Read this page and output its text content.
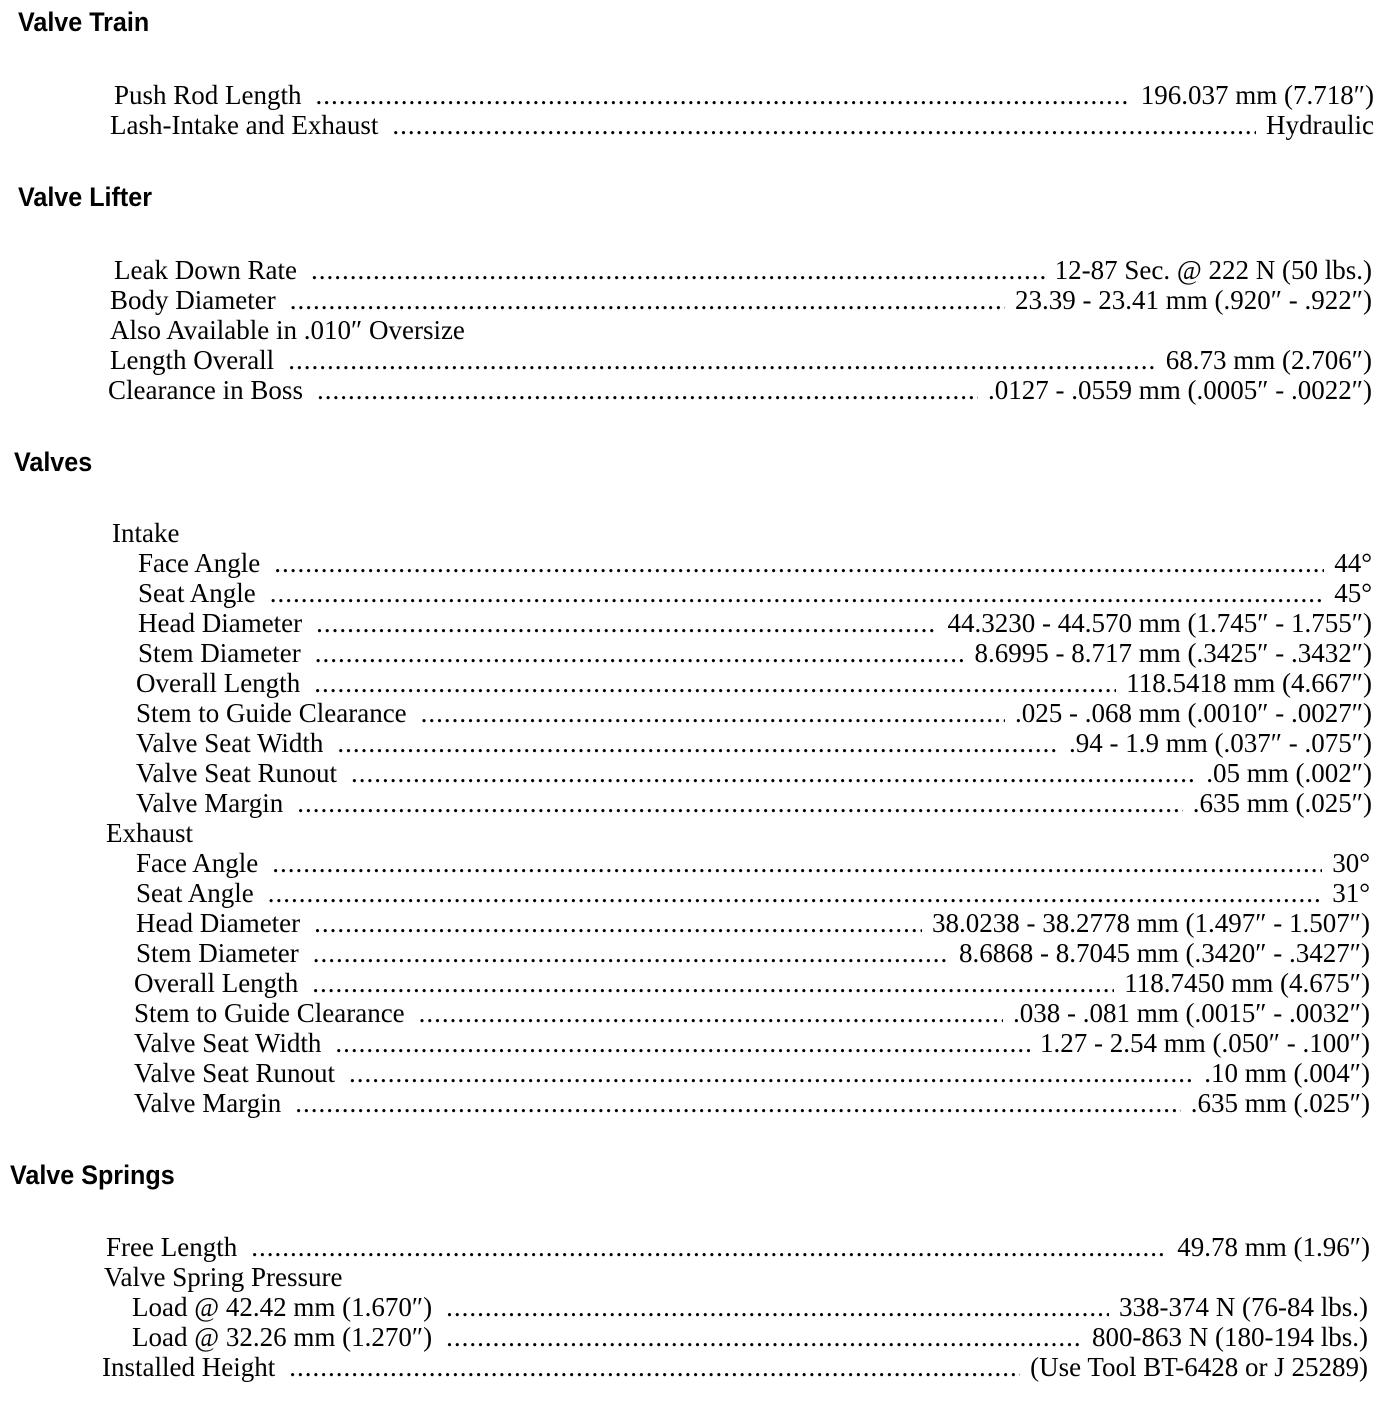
Valve Train
Push Rod Length .....	196.037 mm (7.718″)
Lash-Intake and Exhaust .....	Hydraulic
Valve Lifter
Leak Down Rate .....	12-87 Sec. @ 222 N (50 lbs.)
Body Diameter .....	23.39 - 23.41 mm (.920″ - .922″)
Also Available in .010″ Oversize
Length Overall .....	68.73 mm (2.706″)
Clearance in Boss .....	.0127 - .0559 mm (.0005″ - .0022″)
Valves
Intake
Face Angle .....	44°
Seat Angle .....	45°
Head Diameter .....	44.3230 - 44.570 mm (1.745″ - 1.755″)
Stem Diameter .....	8.6995 - 8.717 mm (.3425″ - .3432″)
Overall Length .....	118.5418 mm (4.667″)
Stem to Guide Clearance .....	.025 - .068 mm (.0010″ - .0027″)
Valve Seat Width .....	.94 - 1.9 mm (.037″ - .075″)
Valve Seat Runout .....	.05 mm (.002″)
Valve Margin .....	.635 mm (.025″)
Exhaust
Face Angle .....	30°
Seat Angle .....	31°
Head Diameter .....	38.0238 - 38.2778 mm (1.497″ - 1.507″)
Stem Diameter .....	8.6868 - 8.7045 mm (.3420″ - .3427″)
Overall Length .....	118.7450 mm (4.675″)
Stem to Guide Clearance .....	.038 - .081 mm (.0015″ - .0032″)
Valve Seat Width .....	1.27 - 2.54 mm (.050″ - .100″)
Valve Seat Runout .....	.10 mm (.004″)
Valve Margin .....	.635 mm (.025″)
Valve Springs
Free Length .....	49.78 mm (1.96″)
Valve Spring Pressure
Load @ 42.42 mm (1.670″) .....	338-374 N (76-84 lbs.)
Load @ 32.26 mm (1.270″) .....	800-863 N (180-194 lbs.)
Installed Height .....	(Use Tool BT-6428 or J 25289)
